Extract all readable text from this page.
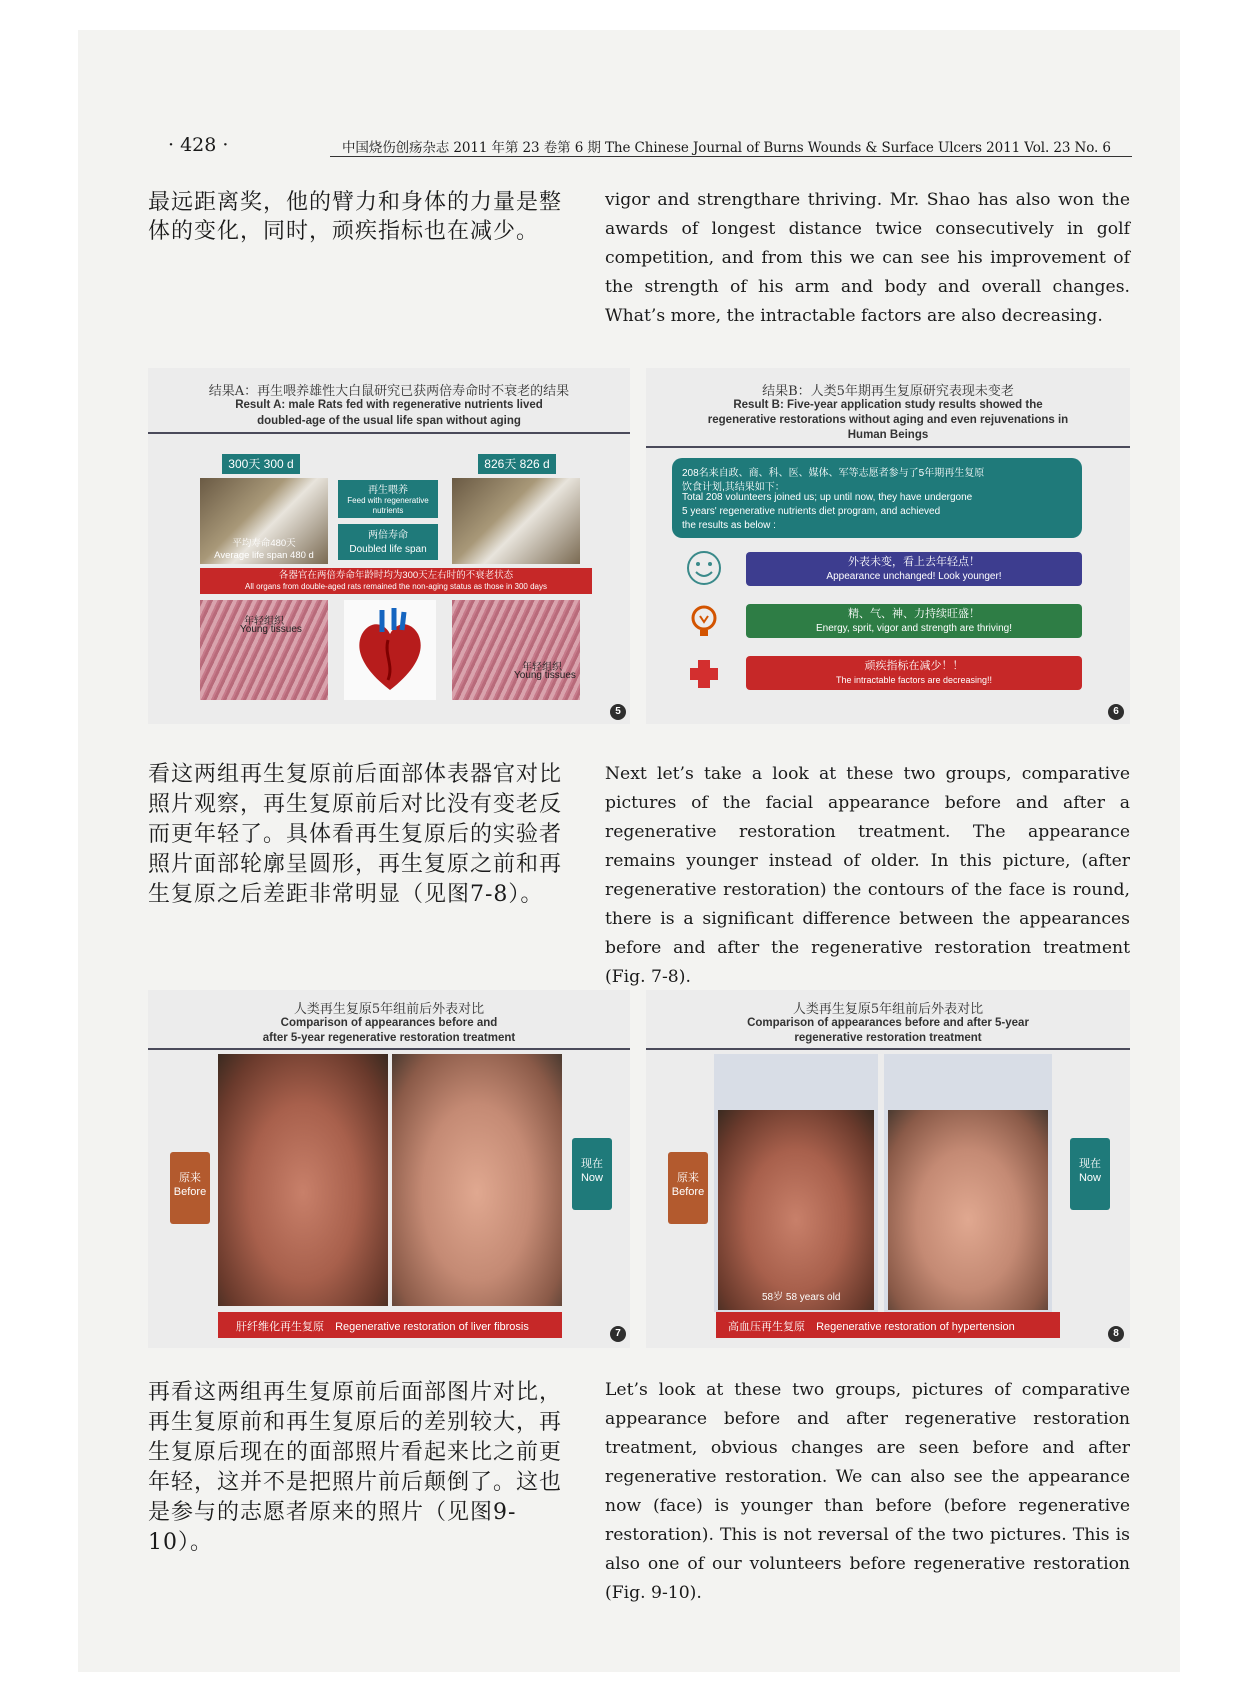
· 428 ·	中国烧伤创疡杂志 2011 年第 23 卷第 6 期 The Chinese Journal of Burns Wounds & Surface Ulcers 2011 Vol. 23 No. 6
最远距离奖，他的臂力和身体的力量是整体的变化，同时，顽疾指标也在减少。
vigor and strengthare thriving. Mr. Shao has also won the awards of longest distance twice consecutively in golf competition, and from this we can see his improvement of the strength of his arm and body and overall changes. What’s more, the intractable factors are also decreasing.
结果A：再生喂养雄性大白鼠研究已获两倍寿命时不衰老的结果
Result A: male Rats fed with regenerative nutrients lived
doubled-age of the usual life span without aging
300天 300 d	826天 826 d
平均寿命480天
Average life span 480 d
再生喂养
Feed with regenerative nutrients
两倍寿命
Doubled life span
各器官在两倍寿命年龄时均为300天左右时的不衰老状态
All organs from double-aged rats remained the non-aging status as those in 300 days
年轻组织
Young tissues
年轻组织
Young tissues
5
结果B：人类5年期再生复原研究表现未变老
Result B: Five-year application study results showed the
regenerative restorations without aging and even rejuvenations in
Human Beings
208名来自政、商、科、医、媒体、军等志愿者参与了5年期再生复原
饮食计划,其结果如下：
Total 208 volunteers joined us; up until now, they have undergone
5 years' regenerative nutrients diet program, and achieved
the results as below :
外表未变，看上去年轻点！
Appearance unchanged! Look younger!
精、气、神、力持续旺盛！
Energy, sprit, vigor and strength are thriving!
顽疾指标在减少！！
The intractable factors are decreasing!!
6
看这两组再生复原前后面部体表器官对比照片观察，再生复原前后对比没有变老反而更年轻了。具体看再生复原后的实验者照片面部轮廓呈圆形，再生复原之前和再生复原之后差距非常明显（见图7-8）。
Next let’s take a look at these two groups, comparative pictures of the facial appearance before and after a regenerative restoration treatment. The appearance remains younger instead of older. In this picture, (after regenerative restoration) the contours of the face is round, there is a significant difference between the appearances before and after the regenerative restoration treatment (Fig. 7-8).
人类再生复原5年组前后外表对比
Comparison of appearances before and
after 5-year regenerative restoration treatment
原来
Before
现在
Now
肝纤维化再生复原 Regenerative restoration of liver fibrosis
7
人类再生复原5年组前后外表对比
Comparison of appearances before and after 5-year
regenerative restoration treatment
58岁 58 years old
原来
Before
现在
Now
高血压再生复原 Regenerative restoration of hypertension
8
再看这两组再生复原前后面部图片对比，再生复原前和再生复原后的差别较大，再生复原后现在的面部照片看起来比之前更年轻，这并不是把照片前后颠倒了。这也是参与的志愿者原来的照片（见图9-10）。
Let’s look at these two groups, pictures of comparative appearance before and after regenerative restoration treatment, obvious changes are seen before and after regenerative restoration. We can also see the appearance now (face) is younger than before (before regenerative restoration). This is not reversal of the two pictures. This is also one of our volunteers before regenerative restoration (Fig. 9-10).
